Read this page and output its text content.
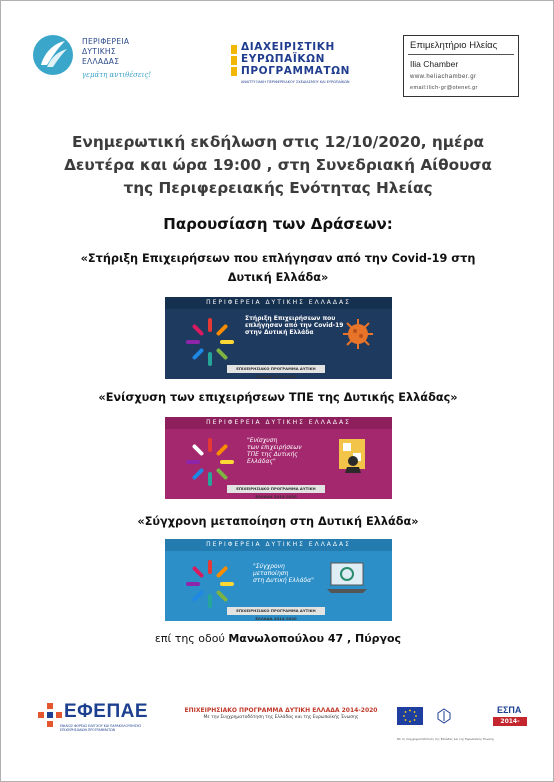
ΠΕΡΙΦΕΡΕΙΑ
ΔΥΤΙΚΗΣ
ΕΛΛΑΔΑΣ
γεμάτη αντιθέσεις!
ΔΙΑΧΕΙΡΙΣΤΙΚΗ
ΕΥΡΩΠΑΪΚΩΝ
ΠΡΟΓΡΑΜΜΑΤΩΝ
ΑΝΑΠΤΥΞΙΑΚΗ ΠΕΡΙΦΕΡΕΙΑΚΟΥ ΣΧΕΔΙΑΣΜΟΥ ΚΑΙ ΕΥΡΩΠΑΪΚΩΝ
Επιμελητήριο Ηλείας
Ilia Chamber
www.heliachamber.gr
email:ilich-gr@otenet.gr
Ενημερωτική εκδήλωση στις 12/10/2020, ημέρα
Δευτέρα και ώρα 19:00 , στη Συνεδριακή Αίθουσα
της Περιφερειακής Ενότητας Ηλείας
Παρουσίαση των Δράσεων:
«Στήριξη Επιχειρήσεων που επλήγησαν από την Covid-19 στη
Δυτική Ελλάδα»
ΠΕΡΙΦΕΡΕΙΑ ΔΥΤΙΚΗΣ ΕΛΛΑΔΑΣ
Στήριξη Επιχειρήσεων που
επλήγησαν από την Covid-19
στην Δυτική Ελλάδα
ΕΠΙΧΕΙΡΗΣΙΑΚΟ ΠΡΟΓΡΑΜΜΑ ΔΥΤΙΚΗ ΕΛΛΑΔΑ 2014-2020
«Ενίσχυση των επιχειρήσεων ΤΠΕ της Δυτικής Ελλάδας»
ΠΕΡΙΦΕΡΕΙΑ ΔΥΤΙΚΗΣ ΕΛΛΑΔΑΣ
"Ενίσχυση
των επιχειρήσεων
ΤΠΕ της Δυτικής
Ελλάδας"
ΕΠΙΧΕΙΡΗΣΙΑΚΟ ΠΡΟΓΡΑΜΜΑ ΔΥΤΙΚΗ ΕΛΛΑΔΑ 2014-2020
«Σύγχρονη μεταποίηση στη Δυτική Ελλάδα»
ΠΕΡΙΦΕΡΕΙΑ ΔΥΤΙΚΗΣ ΕΛΛΑΔΑΣ
"Σύγχρονη
μεταποίηση
στη Δυτική Ελλάδα"
ΕΠΙΧΕΙΡΗΣΙΑΚΟ ΠΡΟΓΡΑΜΜΑ ΔΥΤΙΚΗ ΕΛΛΑΔΑ 2014-2020
επί της οδού Μανωλοπούλου 47 , Πύργος
ΕΦΕΠΑΕ
ΕΝΙΑΙΟΣ ΦΟΡΕΑΣ ΕΛΕΓΧΟΥ ΚΑΙ ΠΑΡΑΚΟΛΟΥΘΗΣΗΣ ΕΠΙΧΕΙΡΗΣΙΑΚΩΝ ΠΡΟΓΡΑΜΜΑΤΩΝ
ΕΠΙΧΕΙΡΗΣΙΑΚΟ ΠΡΟΓΡΑΜΜΑ ΔΥΤΙΚΗ ΕΛΛΑΔΑ 2014-2020
Με την Συγχρηματοδότηση της Ελλάδας και της Ευρωπαϊκής Ένωσης
ΕΣΠΑ
2014-2020
Με τη συγχρηματοδότηση της Ελλάδας και της Ευρωπαϊκής Ένωσης
